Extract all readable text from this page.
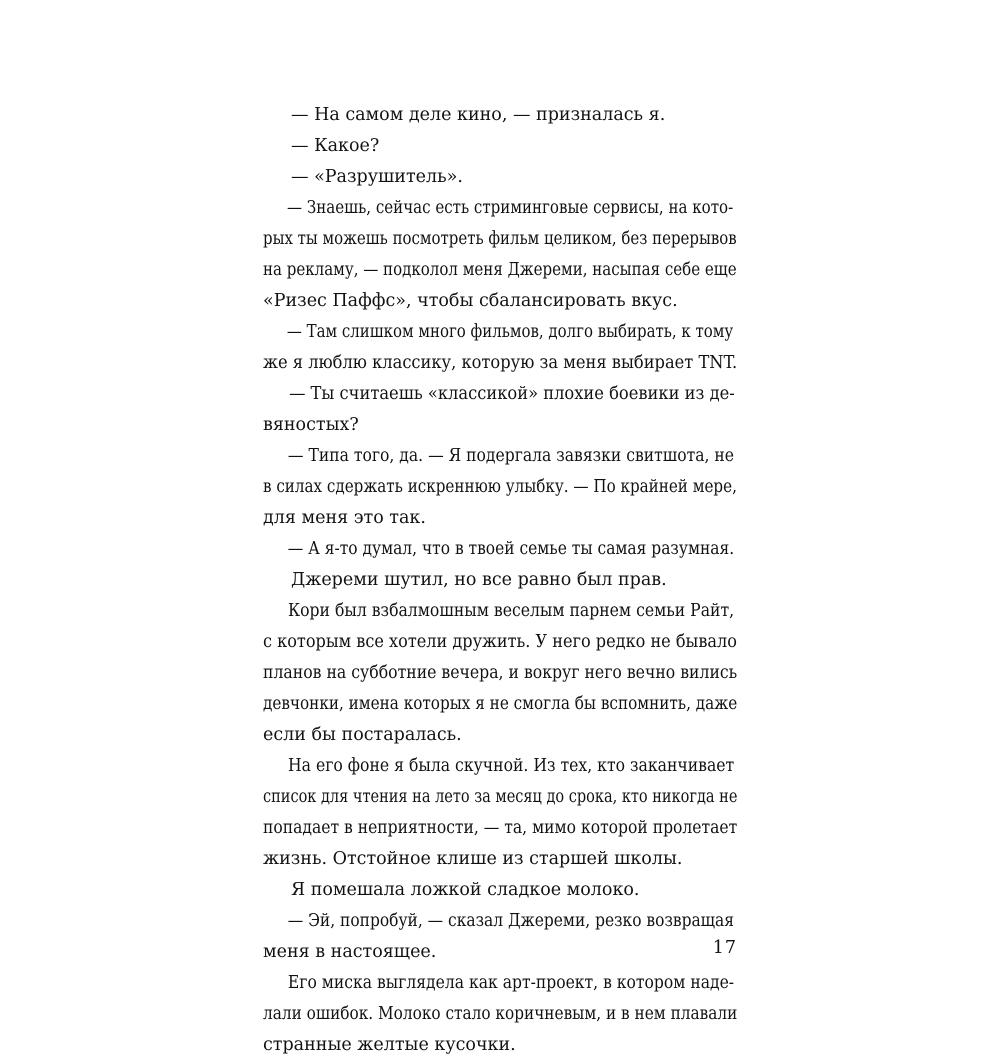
— На самом деле кино, — призналась я.
— Какое?
— «Разрушитель».
— Знаешь, сейчас есть стриминговые сервисы, на кото-
рых ты можешь посмотреть фильм целиком, без перерывов
на рекламу, — подколол меня Джереми, насыпая себе еще
«Ризес Паффс», чтобы сбалансировать вкус.
— Там слишком много фильмов, долго выбирать, к тому
же я люблю классику, которую за меня выбирает TNT.
— Ты считаешь «классикой» плохие боевики из де-
вяностых?
— Типа того, да. — Я подергала завязки свитшота, не
в силах сдержать искреннюю улыбку. — По крайней мере,
для меня это так.
— А я-то думал, что в твоей семье ты самая разумная.
Джереми шутил, но все равно был прав.
Кори был взбалмошным веселым парнем семьи Райт,
с которым все хотели дружить. У него редко не бывало
планов на субботние вечера, и вокруг него вечно вились
девчонки, имена которых я не смогла бы вспомнить, даже
если бы постаралась.
На его фоне я была скучной. Из тех, кто заканчивает
список для чтения на лето за месяц до срока, кто никогда не
попадает в неприятности, — та, мимо которой пролетает
жизнь. Отстойное клише из старшей школы.
Я помешала ложкой сладкое молоко.
— Эй, попробуй, — сказал Джереми, резко возвращая
меня в настоящее.
Его миска выглядела как арт-проект, в котором наде-
лали ошибок. Молоко стало коричневым, и в нем плавали
странные желтые кусочки.
17
